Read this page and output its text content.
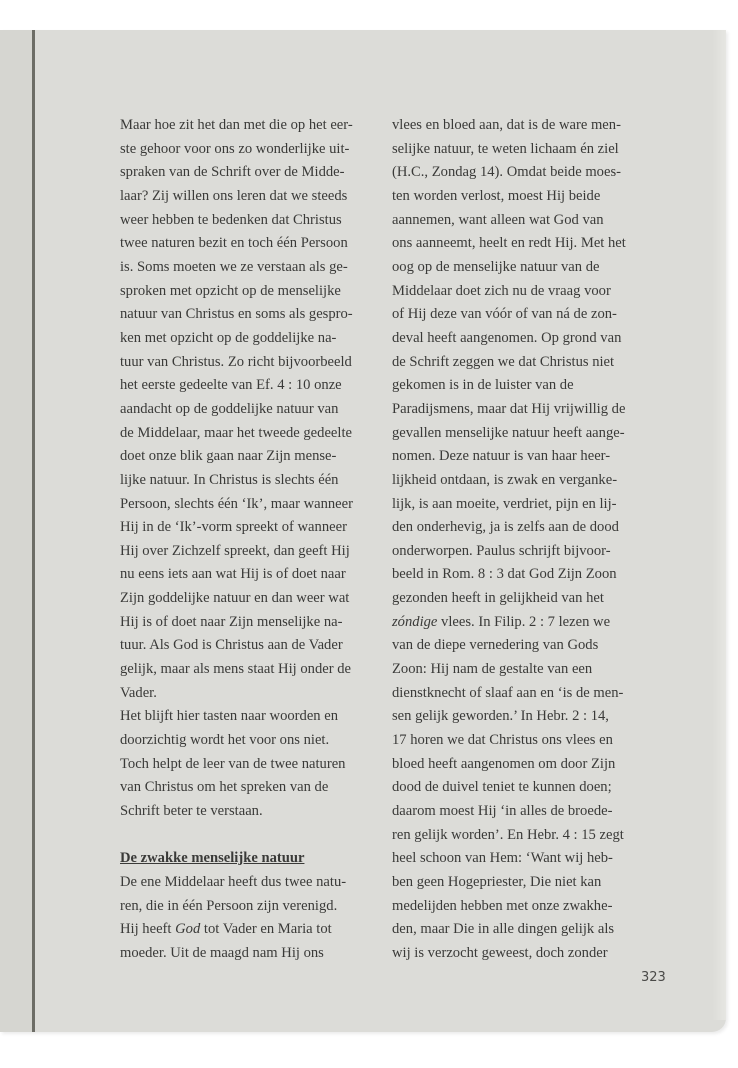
Maar hoe zit het dan met die op het eer-
ste gehoor voor ons zo wonderlijke uit-
spraken van de Schrift over de Midde-
laar? Zij willen ons leren dat we steeds
weer hebben te bedenken dat Christus
twee naturen bezit en toch één Persoon
is. Soms moeten we ze verstaan als ge-
sproken met opzicht op de menselijke
natuur van Christus en soms als gespro-
ken met opzicht op de goddelijke na-
tuur van Christus. Zo richt bijvoorbeeld
het eerste gedeelte van Ef. 4 : 10 onze
aandacht op de goddelijke natuur van
de Middelaar, maar het tweede gedeelte
doet onze blik gaan naar Zijn mense-
lijke natuur. In Christus is slechts één
Persoon, slechts één ‘Ik’, maar wanneer
Hij in de ‘Ik’-vorm spreekt of wanneer
Hij over Zichzelf spreekt, dan geeft Hij
nu eens iets aan wat Hij is of doet naar
Zijn goddelijke natuur en dan weer wat
Hij is of doet naar Zijn menselijke na-
tuur. Als God is Christus aan de Vader
gelijk, maar als mens staat Hij onder de
Vader.
Het blijft hier tasten naar woorden en
doorzichtig wordt het voor ons niet.
Toch helpt de leer van de twee naturen
van Christus om het spreken van de
Schrift beter te verstaan.
De zwakke menselijke natuur
De ene Middelaar heeft dus twee natu-
ren, die in één Persoon zijn verenigd.
Hij heeft God tot Vader en Maria tot
moeder. Uit de maagd nam Hij ons
vlees en bloed aan, dat is de ware men-
selijke natuur, te weten lichaam én ziel
(H.C., Zondag 14). Omdat beide moes-
ten worden verlost, moest Hij beide
aannemen, want alleen wat God van
ons aanneemt, heelt en redt Hij. Met het
oog op de menselijke natuur van de
Middelaar doet zich nu de vraag voor
of Hij deze van vóór of van ná de zon-
deval heeft aangenomen. Op grond van
de Schrift zeggen we dat Christus niet
gekomen is in de luister van de
Paradijsmens, maar dat Hij vrijwillig de
gevallen menselijke natuur heeft aange-
nomen. Deze natuur is van haar heer-
lijkheid ontdaan, is zwak en verganke-
lijk, is aan moeite, verdriet, pijn en lij-
den onderhevig, ja is zelfs aan de dood
onderworpen. Paulus schrijft bijvoor-
beeld in Rom. 8 : 3 dat God Zijn Zoon
gezonden heeft in gelijkheid van het
zóndige vlees. In Filip. 2 : 7 lezen we
van de diepe vernedering van Gods
Zoon: Hij nam de gestalte van een
dienstknecht of slaaf aan en ‘is de men-
sen gelijk geworden.’ In Hebr. 2 : 14,
17 horen we dat Christus ons vlees en
bloed heeft aangenomen om door Zijn
dood de duivel teniet te kunnen doen;
daarom moest Hij ‘in alles de broede-
ren gelijk worden’. En Hebr. 4 : 15 zegt
heel schoon van Hem: ‘Want wij heb-
ben geen Hogepriester, Die niet kan
medelijden hebben met onze zwakhe-
den, maar Die in alle dingen gelijk als
wij is verzocht geweest, doch zonder
323
